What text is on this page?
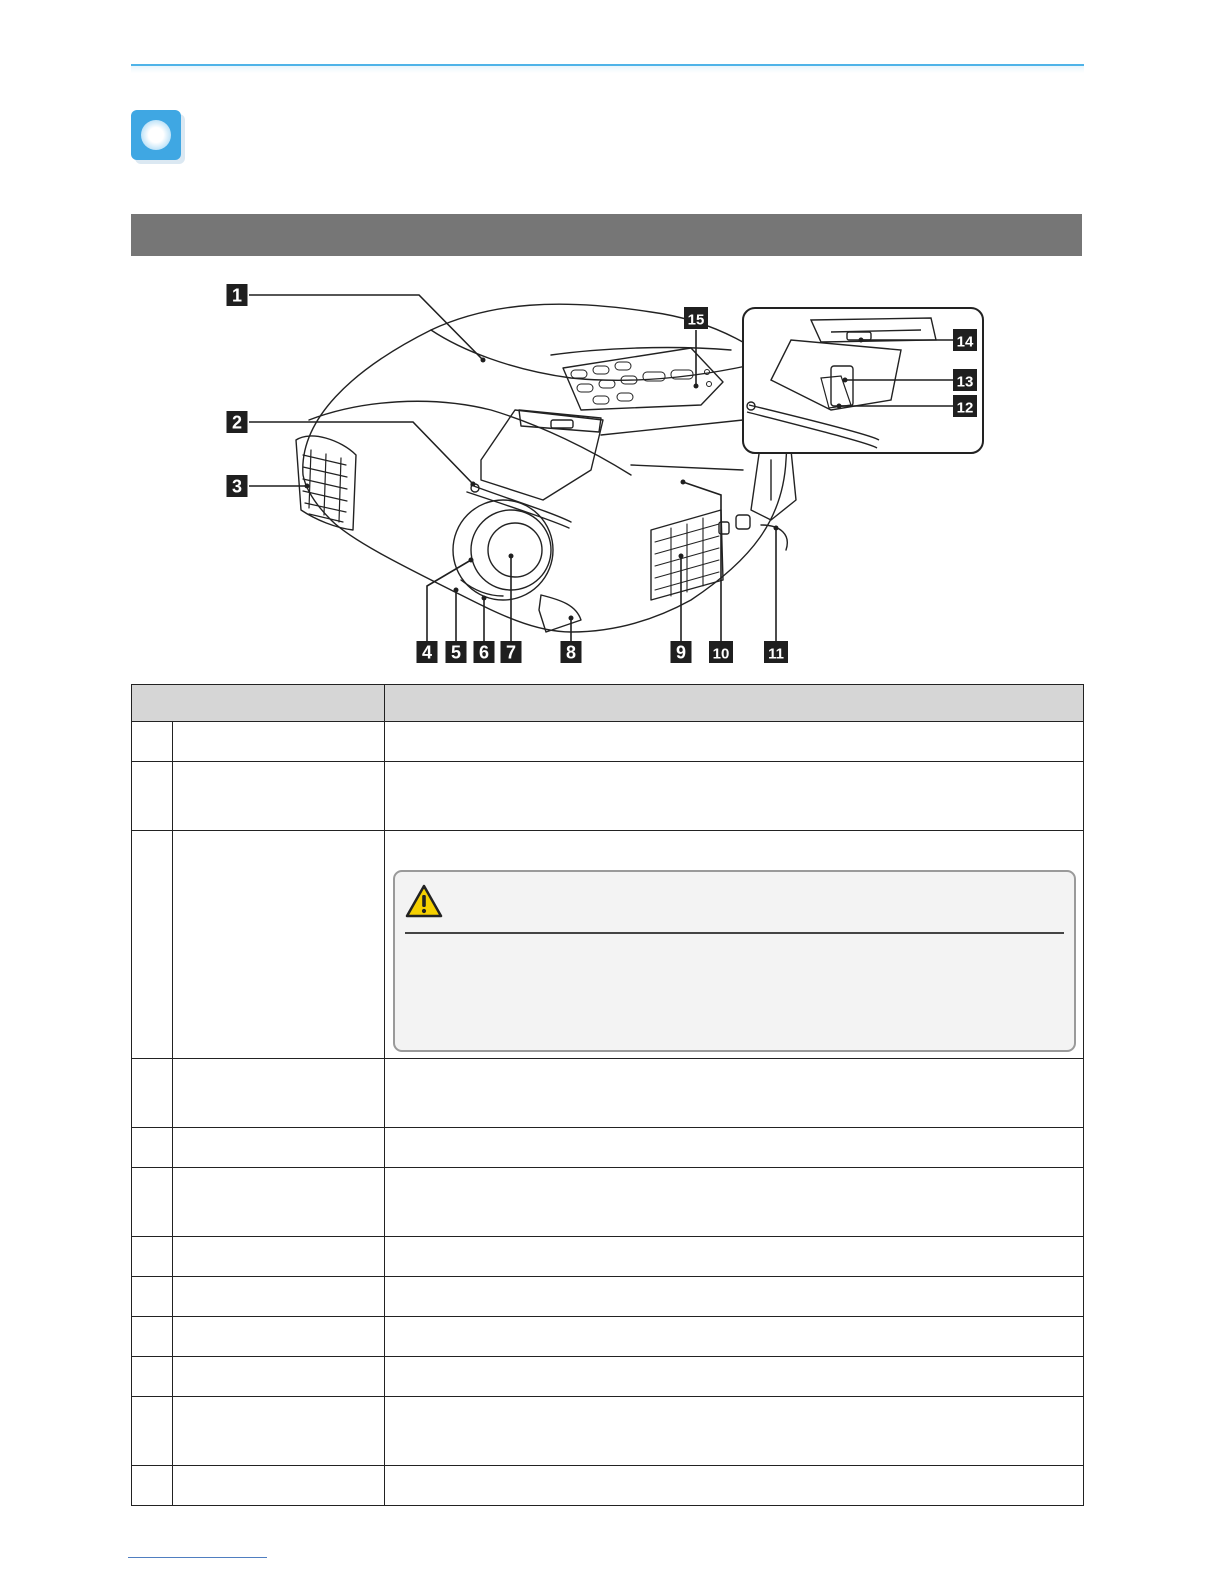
1
2
3
4 5 6 7	8	9 10	11
12
13
14
15
